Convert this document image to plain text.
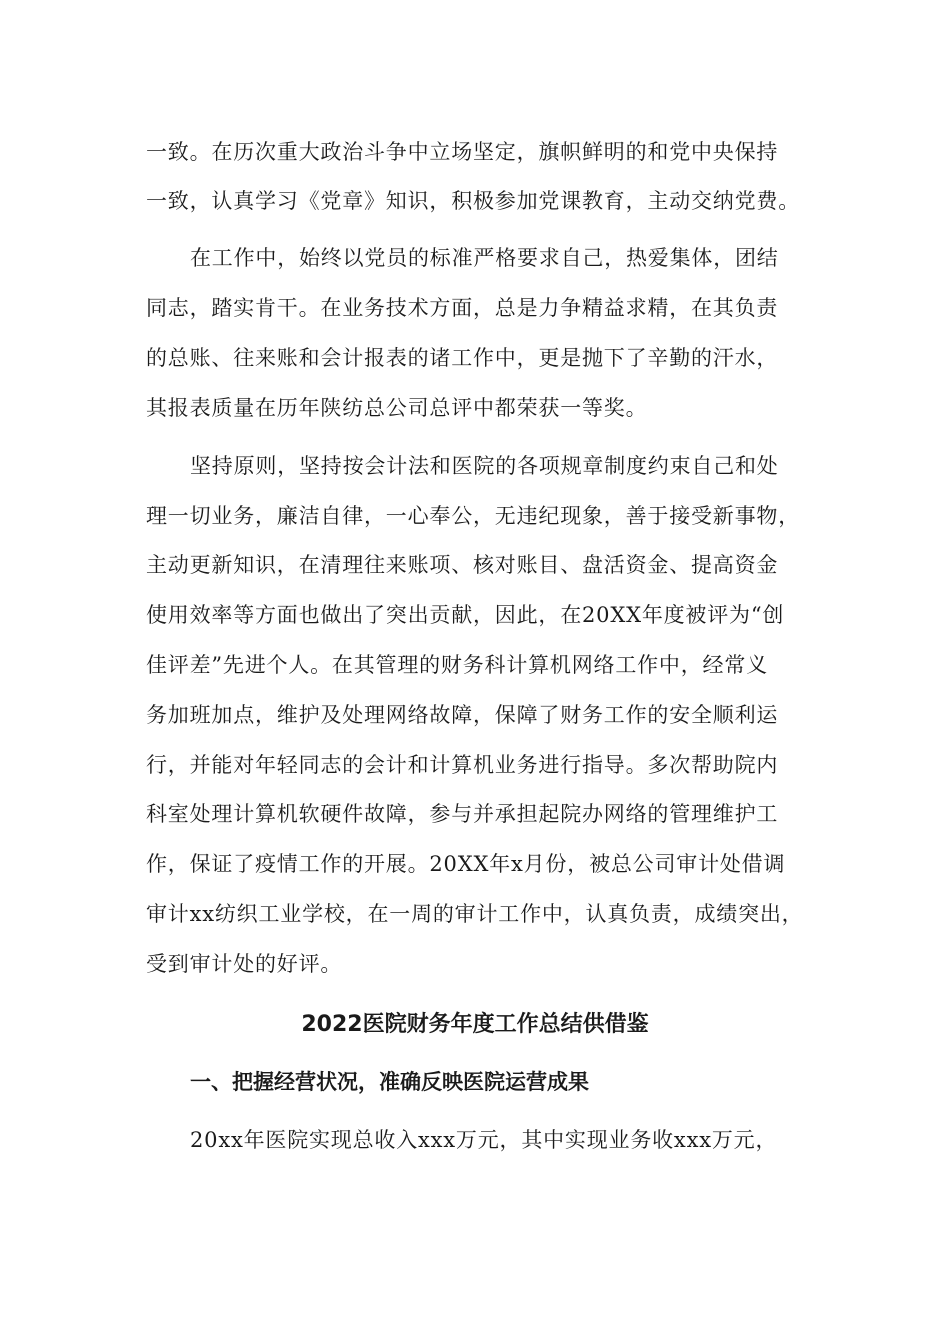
一致。在历次重大政治斗争中立场坚定，旗帜鲜明的和党中央保持
一致，认真学习《党章》知识，积极参加党课教育，主动交纳党费。
在工作中，始终以党员的标准严格要求自己，热爱集体，团结
同志，踏实肯干。在业务技术方面，总是力争精益求精，在其负责
的总账、往来账和会计报表的诸工作中，更是抛下了辛勤的汗水，
其报表质量在历年陕纺总公司总评中都荣获一等奖。
坚持原则，坚持按会计法和医院的各项规章制度约束自己和处
理一切业务，廉洁自律，一心奉公，无违纪现象，善于接受新事物，
主动更新知识，在清理往来账项、核对账目、盘活资金、提高资金
使用效率等方面也做出了突出贡献，因此，在20XX年度被评为“创
佳评差”先进个人。在其管理的财务科计算机网络工作中，经常义
务加班加点，维护及处理网络故障，保障了财务工作的安全顺利运
行，并能对年轻同志的会计和计算机业务进行指导。多次帮助院内
科室处理计算机软硬件故障，参与并承担起院办网络的管理维护工
作，保证了疫情工作的开展。20XX年x月份，被总公司审计处借调
审计xx纺织工业学校，在一周的审计工作中，认真负责，成绩突出，
受到审计处的好评。
2022医院财务年度工作总结供借鉴
一、把握经营状况，准确反映医院运营成果
20xx年医院实现总收入xxx万元，其中实现业务收xxx万元，
